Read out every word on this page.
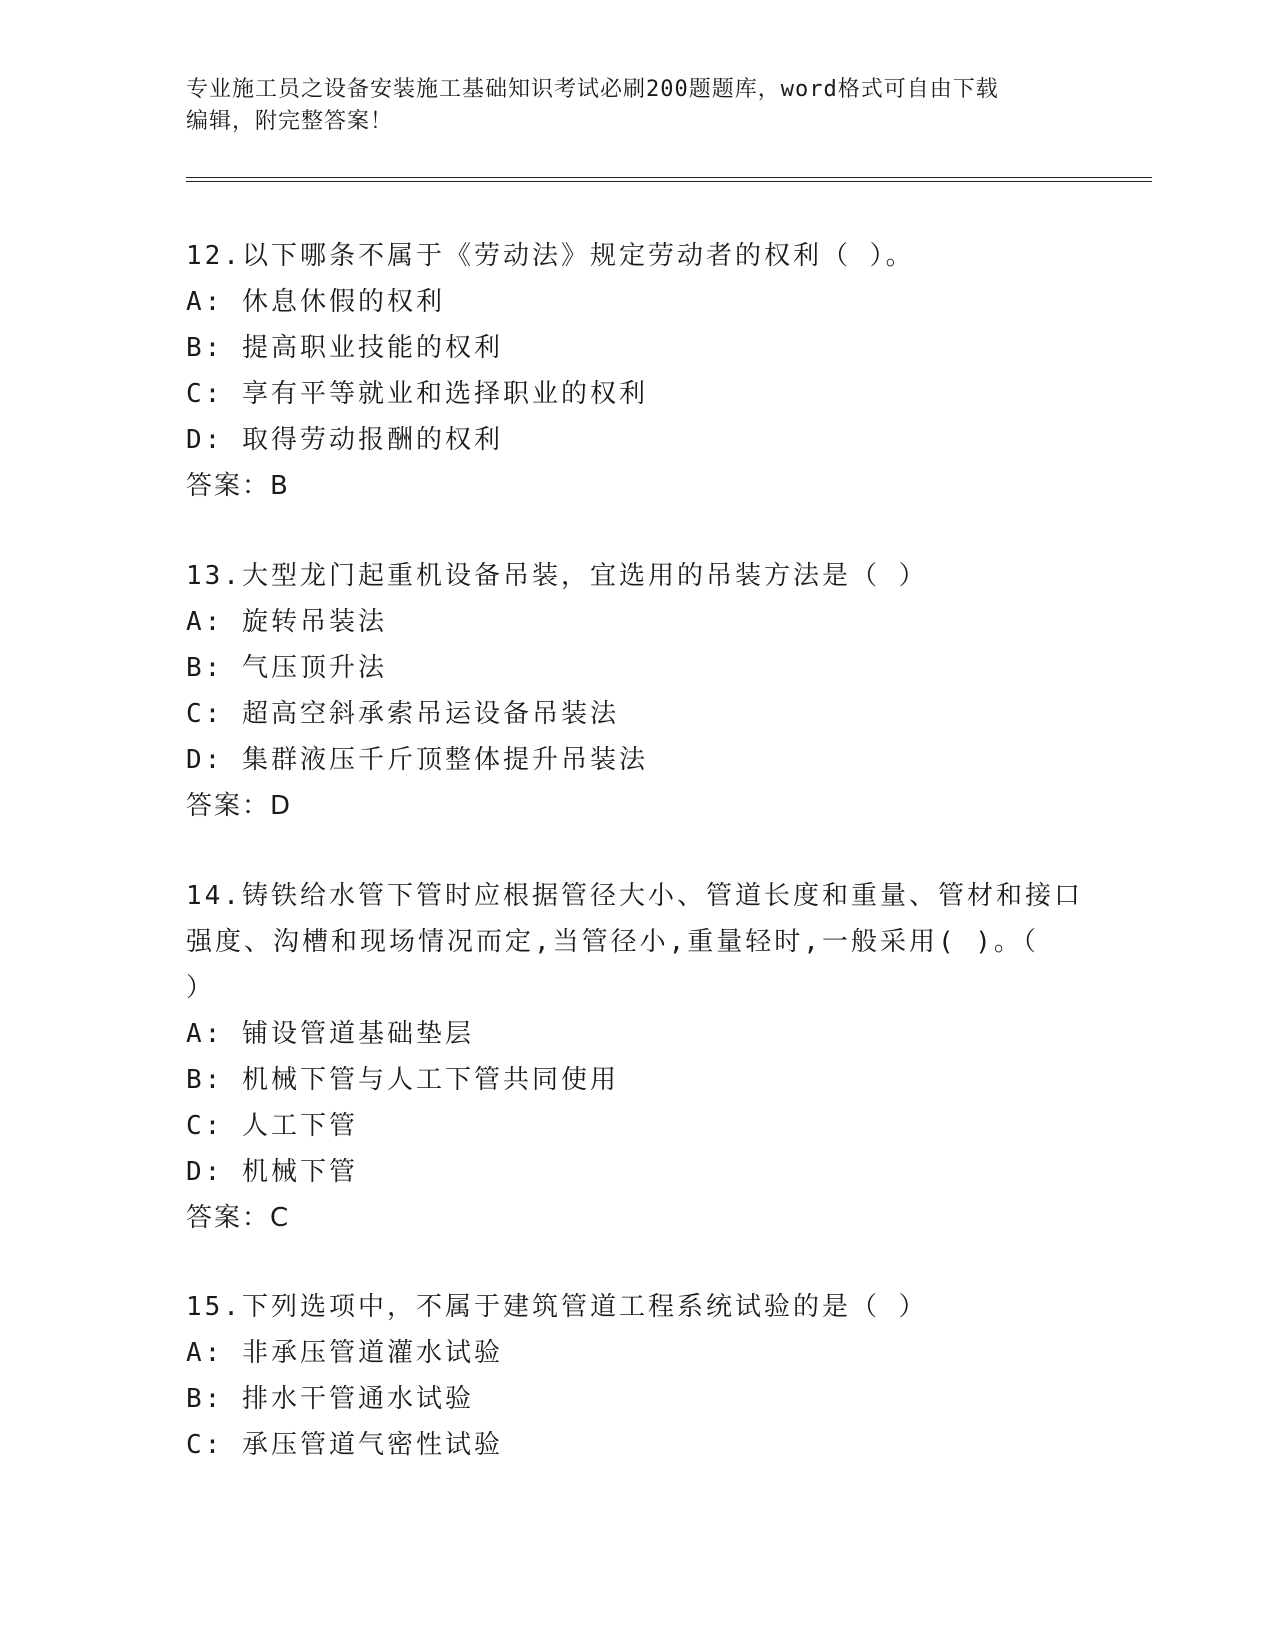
专业施工员之设备安装施工基础知识考试必刷200题题库，word格式可自由下载
编辑，附完整答案！
12.以下哪条不属于《劳动法》规定劳动者的权利（ ）。
A: 休息休假的权利
B: 提高职业技能的权利
C: 享有平等就业和选择职业的权利
D: 取得劳动报酬的权利
答案：B
13.大型龙门起重机设备吊装，宜选用的吊装方法是（ ）
A: 旋转吊装法
B: 气压顶升法
C: 超高空斜承索吊运设备吊装法
D: 集群液压千斤顶整体提升吊装法
答案：D
14.铸铁给水管下管时应根据管径大小、管道长度和重量、管材和接口
强度、沟槽和现场情况而定,当管径小,重量轻时,一般采用( )。（
）
A: 铺设管道基础垫层
B: 机械下管与人工下管共同使用
C: 人工下管
D: 机械下管
答案：C
15.下列选项中，不属于建筑管道工程系统试验的是（ ）
A: 非承压管道灌水试验
B: 排水干管通水试验
C: 承压管道气密性试验
